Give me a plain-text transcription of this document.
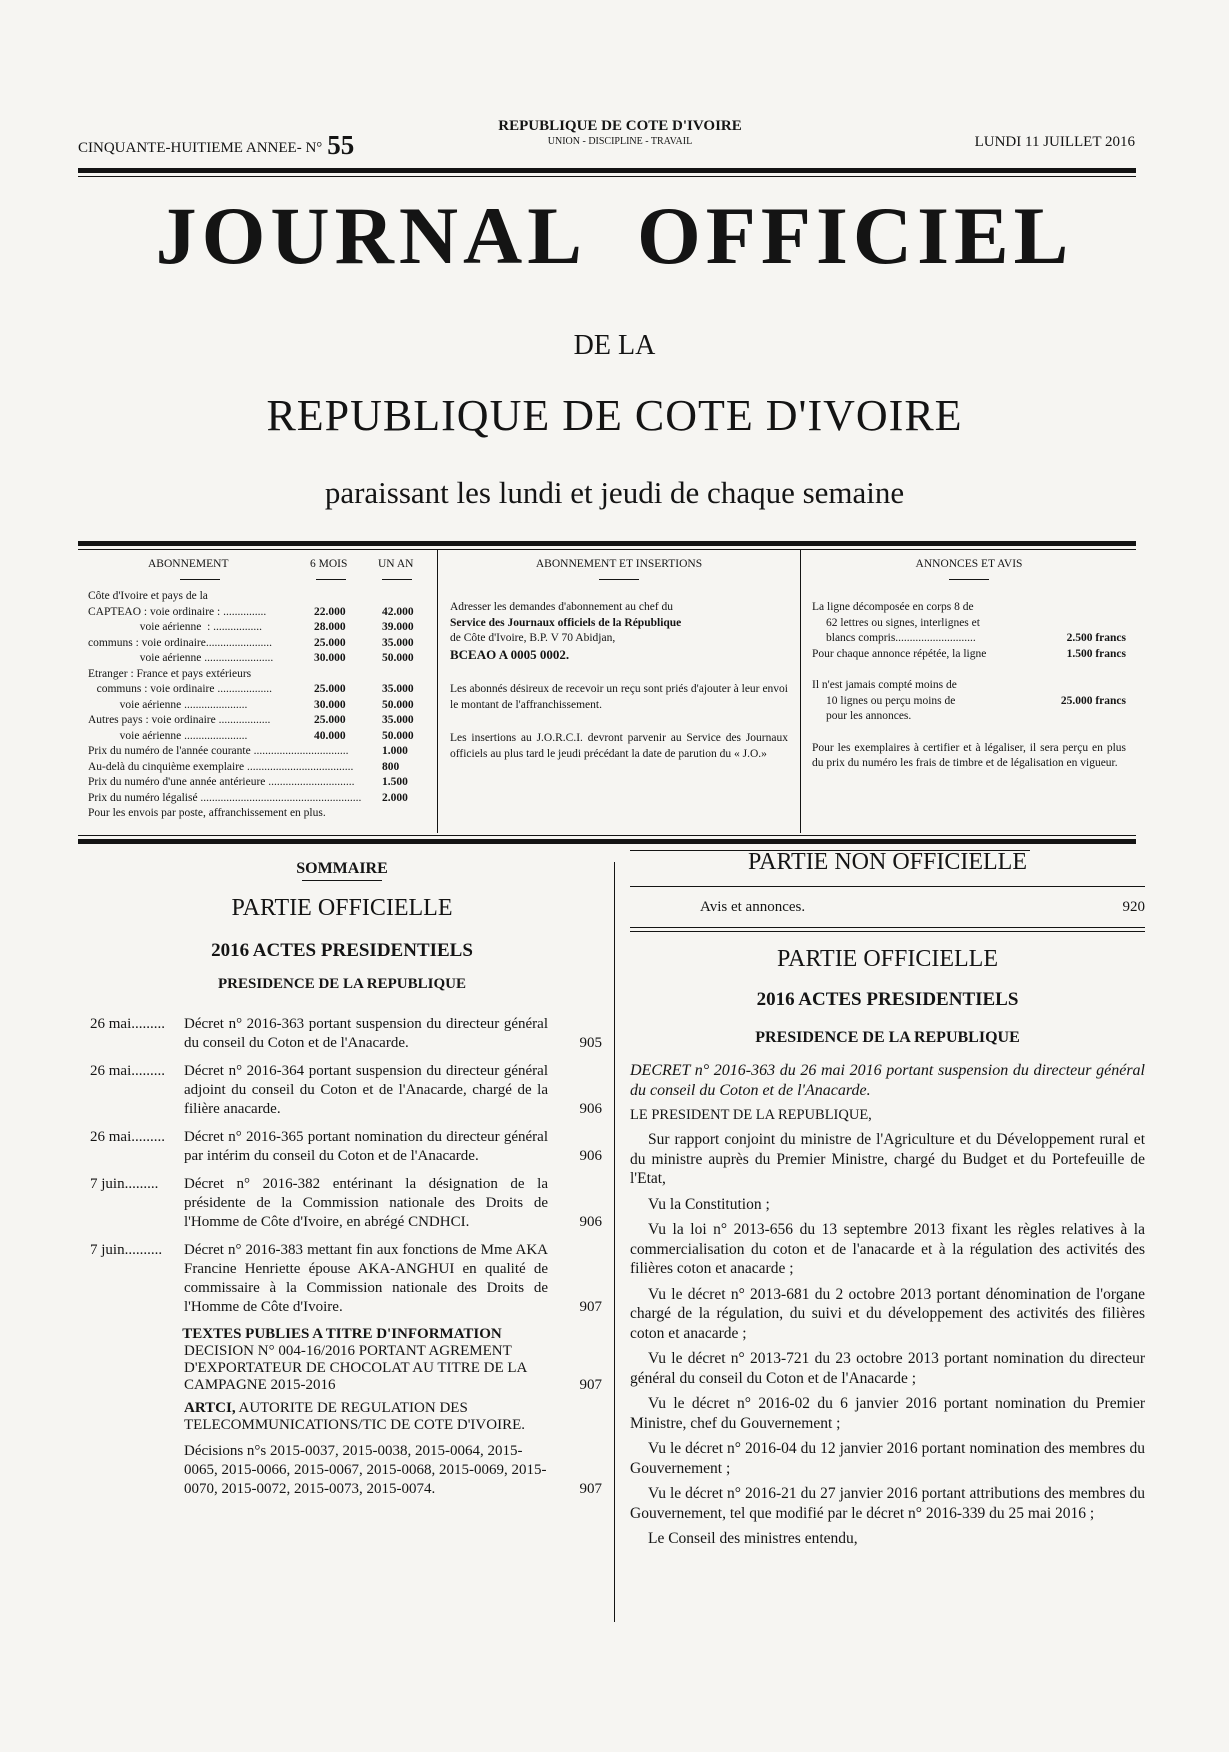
CINQUANTE-HUITIEME ANNEE- N° 55
REPUBLIQUE DE COTE D'IVOIRE
UNION - DISCIPLINE - TRAVAIL	LUNDI 11 JUILLET 2016
JOURNAL OFFICIEL
DE LA
REPUBLIQUE DE COTE D'IVOIRE
paraissant les lundi et jeudi de chaque semaine
ABONNEMENT	6 MOIS	UN AN
Côte d'Ivoire et pays de la
CAPTEAO : voie ordinaire : ...............	22.000	42.000
voie aérienne  : .................	28.000	39.000
communs : voie ordinaire.......................	25.000	35.000
voie aérienne ........................	30.000	50.000
Etranger : France et pays extérieurs
communs : voie ordinaire ...................	25.000	35.000
voie aérienne ......................	30.000	50.000
Autres pays : voie ordinaire ..................	25.000	35.000
voie aérienne ......................	40.000	50.000
Prix du numéro de l'année courante .................................	1.000
Au-delà du cinquième exemplaire ..................................... 800
Prix du numéro d'une année antérieure .............................. 1.500
Prix du numéro légalisé ........................................................ 2.000
Pour les envois par poste, affranchissement en plus.
ABONNEMENT ET INSERTIONS

Adresser les demandes d'abonnement au chef du
Service des Journaux officiels de la République
de Côte d'Ivoire, B.P. V 70 Abidjan,
BCEAO A 0005 0002.

Les abonnés désireux de recevoir un reçu sont priés d'ajouter à leur envoi le montant de l'affranchissement.

Les insertions au J.O.R.C.I. devront parvenir au Service des Journaux officiels au plus tard le jeudi précédant la date de parution du « J.O.»

ANNONCES ET AVIS
La ligne décomposée en corps 8 de
62 lettres ou signes, interlignes et
blancs compris............................	2.500 francs
Pour chaque annonce répétée, la ligne	1.500 francs
Il n'est jamais compté moins de
10 lignes ou perçu moins de	25.000 francs
pour les annonces.
Pour les exemplaires à certifier et à légaliser, il sera perçu en plus du prix du numéro les frais de timbre et de légalisation en vigueur.
SOMMAIRE
PARTIE OFFICIELLE
2016 ACTES PRESIDENTIELS
PRESIDENCE DE LA REPUBLIQUE
26 mai......... Décret n° 2016-363 portant suspension du directeur général du conseil du Coton et de l'Anacarde.	905
26 mai......... Décret n° 2016-364 portant suspension du directeur général adjoint du conseil du Coton et de l'Anacarde, chargé de la filière anacarde.	906
26 mai......... Décret n° 2016-365 portant nomination du directeur général par intérim du conseil du Coton et de l'Anacarde.	906
7 juin......... Décret n° 2016-382 entérinant la désignation de la présidente de la Commission nationale des Droits de l'Homme de Côte d'Ivoire, en abrégé CNDHCI.	906
7 juin.......... Décret n° 2016-383 mettant fin aux fonctions de Mme AKA Francine Henriette épouse AKA-ANGHUI en qualité de commissaire à la Commission nationale des Droits de l'Homme de Côte d'Ivoire.	907
TEXTES PUBLIES A TITRE D'INFORMATION
DECISION N° 004-16/2016 PORTANT AGREMENT D'EXPORTATEUR DE CHOCOLAT AU TITRE DE LA CAMPAGNE 2015-2016	907
ARTCI, AUTORITE DE REGULATION DES TELECOMMUNICATIONS/TIC DE COTE D'IVOIRE.
Décisions n°s 2015-0037, 2015-0038, 2015-0064, 2015-0065, 2015-0066, 2015-0067, 2015-0068, 2015-0069, 2015-0070, 2015-0072, 2015-0073, 2015-0074.	907
PARTIE NON OFFICIELLE
Avis et annonces.	920
PARTIE OFFICIELLE
2016 ACTES PRESIDENTIELS
PRESIDENCE DE LA REPUBLIQUE
DECRET n° 2016-363 du 26 mai 2016 portant suspension du directeur général du conseil du Coton et de l'Anacarde.
LE PRESIDENT DE LA REPUBLIQUE,

Sur rapport conjoint du ministre de l'Agriculture et du Développement rural et du ministre auprès du Premier Ministre, chargé du Budget et du Portefeuille de l'Etat,

Vu la Constitution ;

Vu la loi n° 2013-656 du 13 septembre 2013 fixant les règles relatives à la commercialisation du coton et de l'anacarde et à la régulation des activités des filières coton et anacarde ;

Vu le décret n° 2013-681 du 2 octobre 2013 portant dénomination de l'organe chargé de la régulation, du suivi et du développement des activités des filières coton et anacarde ;

Vu le décret n° 2013-721 du 23 octobre 2013 portant nomination du directeur général du conseil du Coton et de l'Anacarde ;

Vu le décret n° 2016-02 du 6 janvier 2016 portant nomination du Premier Ministre, chef du Gouvernement ;

Vu le décret n° 2016-04 du 12 janvier 2016 portant nomination des membres du Gouvernement ;

Vu le décret n° 2016-21 du 27 janvier 2016 portant attributions des membres du Gouvernement, tel que modifié par le décret n° 2016-339 du 25 mai 2016 ;

Le Conseil des ministres entendu,
